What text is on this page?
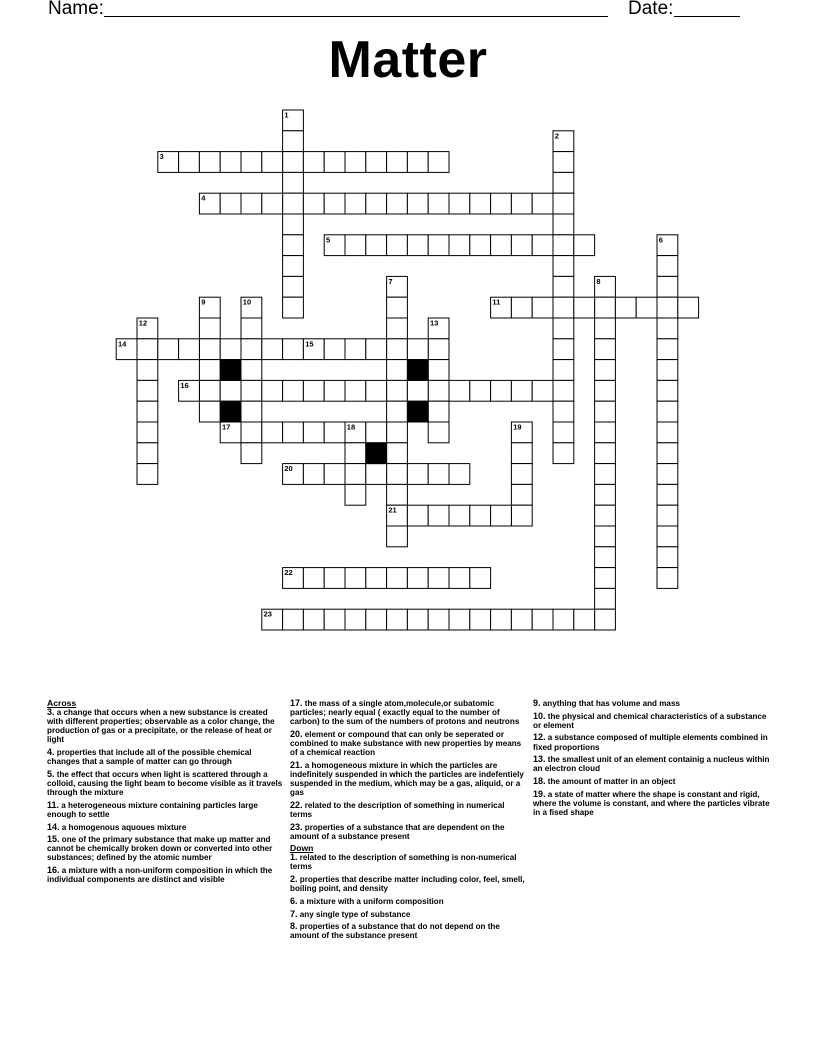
Name:	Date:
Matter
1
2
3
4
5	6
7	8
9	10	11
12	13
14	15
16
17	18	19
20
21
22
23
Across
3. a change that occurs when a new substance is created with different properties; observable as a color change, the production of gas or a precipitate, or the release of heat or light
4. properties that include all of the possible chemical changes that a sample of matter can go through
5. the effect that occurs when light is scattered through a colloid, causing the light beam to become visible as it travels through the mixture
11. a heterogeneous mixture containing particles large enough to settle
14. a homogenous aquoues mixture
15. one of the primary substance that make up matter and cannot be chemically broken down or converted into other substances; defined by the atomic number
16. a mixture with a non-uniform composition in which the individual components are distinct and visible
17. the mass of a single atom,molecule,or subatomic particles; nearly equal ( exactly equal to the number of carbon) to the sum of the numbers of protons and neutrons
20. element or compound that can only be seperated or combined to make substance with new properties by means of a chemical reaction
21. a homogeneous mixture in which the particles are indefinitely suspended in which the particles are indefentiely suspended in the medium, which may be a gas, aliquid, or a gas
22. related to the description of something in numerical terms
23. properties of a substance that are dependent on the amount of a substance present
Down
1. related to the description of something is non-numerical terms
2. properties that describe matter including color, feel, smell, boiling point, and density
6. a mixture with a uniform composition
7. any single type of substance
8. properties of a substance that do not depend on the amount of the substance present
9. anything that has volume and mass
10. the physical and chemical characteristics of a substance or element
12. a substance composed of multiple elements combined in fixed proportions
13. the smallest unit of an element containig a nucleus within an electron cloud
18. the amount of matter in an object
19. a state of matter where the shape is constant and rigid, where the volume is constant, and where the particles vibrate in a fised shape
